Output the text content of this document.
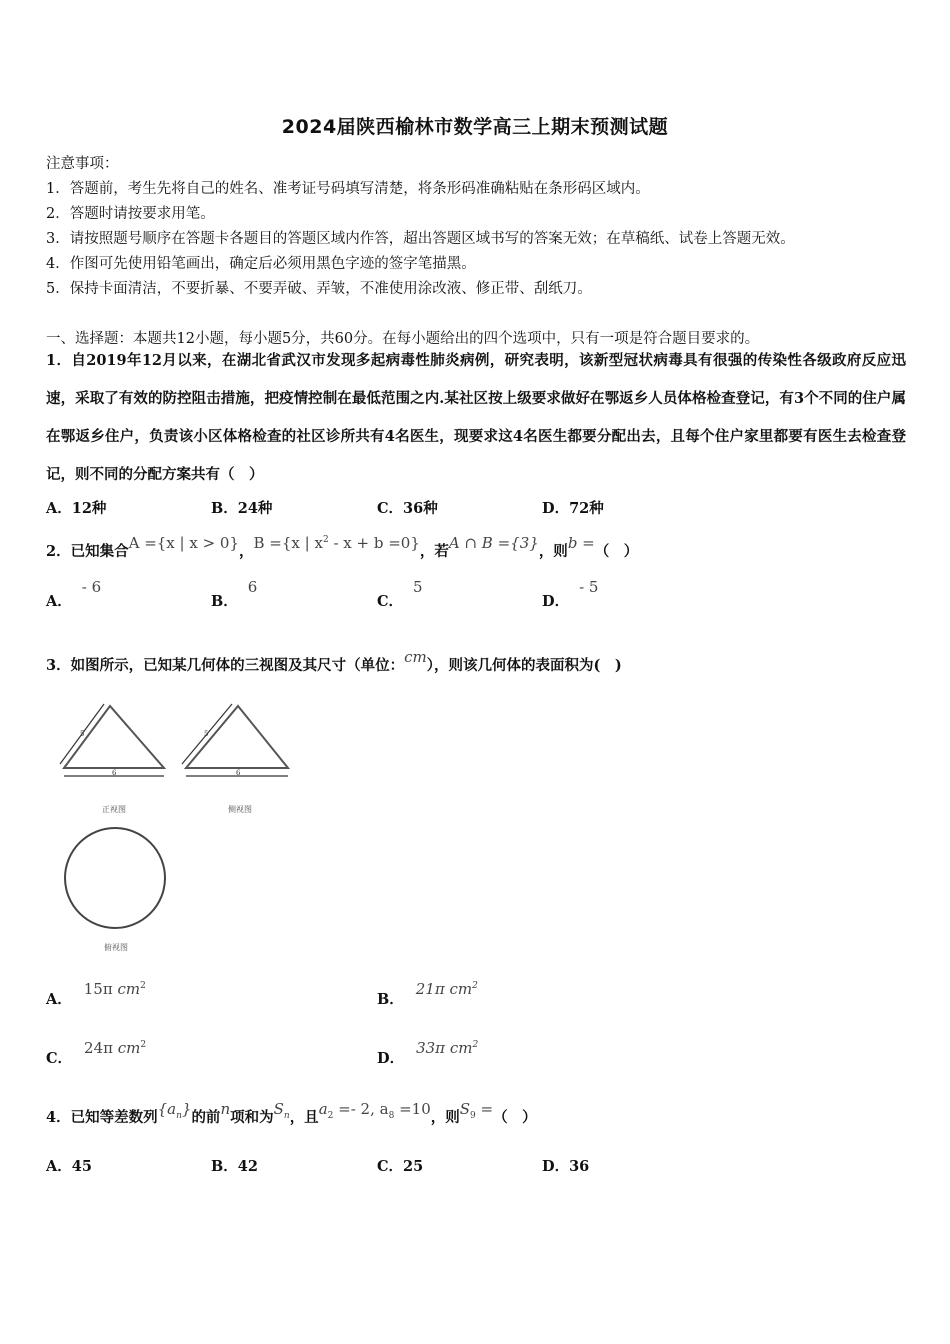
2024届陕西榆林市数学高三上期末预测试题
注意事项：
1．答题前，考生先将自己的姓名、准考证号码填写清楚，将条形码准确粘贴在条形码区域内。
2．答题时请按要求用笔。
3．请按照题号顺序在答题卡各题目的答题区域内作答，超出答题区域书写的答案无效；在草稿纸、试卷上答题无效。
4．作图可先使用铅笔画出，确定后必须用黑色字迹的签字笔描黑。
5．保持卡面清洁，不要折暴、不要弄破、弄皱，不准使用涂改液、修正带、刮纸刀。
一、选择题：本题共12小题，每小题5分，共60分。在每小题给出的四个选项中，只有一项是符合题目要求的。
1．自2019年12月以来，在湖北省武汉市发现多起病毒性肺炎病例，研究表明，该新型冠状病毒具有很强的传染性各级政府反应迅速，采取了有效的防控阻击措施，把疫情控制在最低范围之内.某社区按上级要求做好在鄂返乡人员体格检查登记，有3个不同的住户属在鄂返乡住户，负责该小区体格检查的社区诊所共有4名医生，现要求这4名医生都要分配出去，且每个住户家里都要有医生去检查登记，则不同的分配方案共有（　）
A．12种	B．24种	C．36种	D．72种
2．已知集合A ={x | x > 0}，B ={x | $x^2 - x + b =0$}，若A ∩ B ={3}，则b =（　）
A．- 6
B．6
C．5
D．- 5
3．如图所示，已知某几何体的三视图及其尺寸（单位：cm），则该几何体的表面积为(　)
5
6
正视图
5
6
侧视图
俯视图
A．15π $cm^2$
B．21π $cm^2$
C．24π $cm^2$
D．33π $cm^2$
4．已知等差数列$\{a_n\}$的前n项和为$S_n$，且$a_2 =- 2$, $a_8 =10$，则$S_9$ =（　）
A．45	B．42	C．25	D．36
